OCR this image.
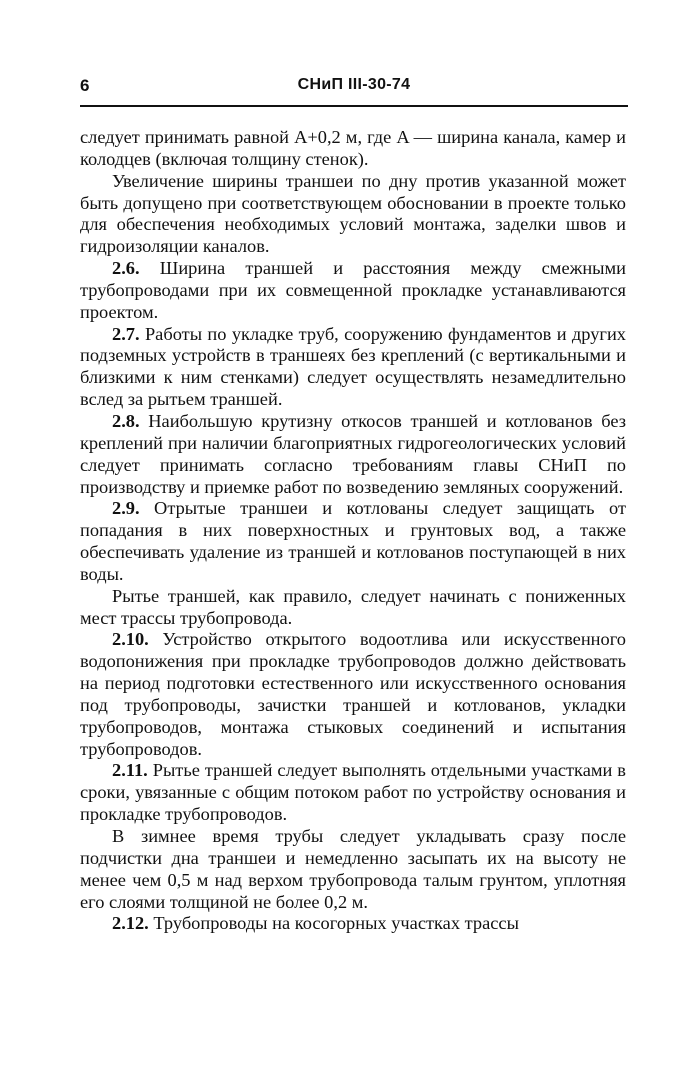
6	СНиП III-30-74

следует принимать равной A+0,2 м, где A — ширина канала, камер и колодцев (включая толщину стенок).

Увеличение ширины траншеи по дну против указанной может быть допущено при соответствующем обосновании в проекте только для обеспечения необходимых условий монтажа, заделки швов и гидроизоляции каналов.

2.6. Ширина траншей и расстояния между смежными трубопроводами при их совмещенной прокладке устанавливаются проектом.

2.7. Работы по укладке труб, сооружению фундаментов и других подземных устройств в траншеях без креплений (с вертикальными и близкими к ним стенками) следует осуществлять незамедлительно вслед за рытьем траншей.

2.8. Наибольшую крутизну откосов траншей и котлованов без креплений при наличии благоприятных гидрогеологических условий следует принимать согласно требованиям главы СНиП по производству и приемке работ по возведению земляных сооружений.

2.9. Отрытые траншеи и котлованы следует защищать от попадания в них поверхностных и грунтовых вод, а также обеспечивать удаление из траншей и котлованов поступающей в них воды.

Рытье траншей, как правило, следует начинать с пониженных мест трассы трубопровода.

2.10. Устройство открытого водоотлива или искусственного водопонижения при прокладке трубопроводов должно действовать на период подготовки естественного или искусственного основания под трубопроводы, зачистки траншей и котлованов, укладки трубопроводов, монтажа стыковых соединений и испытания трубопроводов.

2.11. Рытье траншей следует выполнять отдельными участками в сроки, увязанные с общим потоком работ по устройству основания и прокладке трубопроводов.

В зимнее время трубы следует укладывать сразу после подчистки дна траншеи и немедленно засыпать их на высоту не менее чем 0,5 м над верхом трубопровода талым грунтом, уплотняя его слоями толщиной не более 0,2 м.

2.12. Трубопроводы на косогорных участках трассы
